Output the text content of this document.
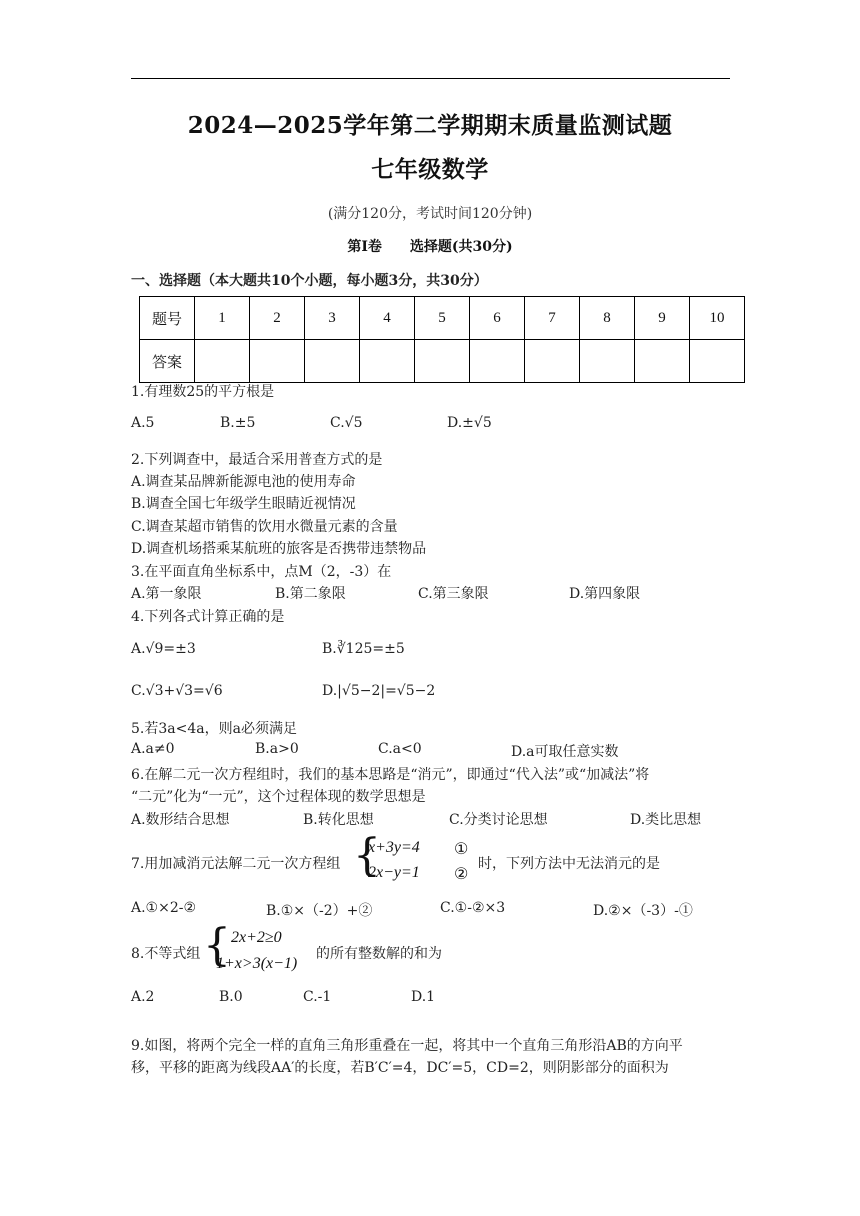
2024—2025学年第二学期期末质量监测试题
七年级数学
(满分120分，考试时间120分钟)
第Ⅰ卷　　选择题(共30分)
一、选择题（本大题共10个小题，每小题3分，共30分）
题号	1	2	3	4	5	6	7	8	9	10
答案										
1.有理数25的平方根是
A.5	B.±5	C.√5	D.±√5
2.下列调查中，最适合采用普查方式的是
A.调查某品牌新能源电池的使用寿命
B.调查全国七年级学生眼睛近视情况
C.调查某超市销售的饮用水微量元素的含量
D.调查机场搭乘某航班的旅客是否携带违禁物品
3.在平面直角坐标系中，点M（2，-3）在
A.第一象限	B.第二象限	C.第三象限	D.第四象限
4.下列各式计算正确的是
A.√9=±3	B.∛125=±5
C.√3+√3=√6	D.|√5−2|=√5−2
5.若3a<4a，则a必须满足
A.a≠0	B.a>0	C.a<0	D.a可取任意实数
6.在解二元一次方程组时，我们的基本思路是“消元”，即通过“代入法”或“加减法”将
“二元”化为“一元”，这个过程体现的数学思想是
A.数形结合思想	B.转化思想	C.分类讨论思想	D.类比思想
7.用加减消元法解二元一次方程组 {
x+3y=4
2x−y=1
①
②
时，下列方法中无法消元的是
A.①×2-②	B.①×（-2）+②	C.①-②×3	D.②×（-3）-①
8.不等式组 { 2x+2≥0
1+x>3(x−1)
的所有整数解的和为
A.2	B.0	C.-1	D.1
9.如图，将两个完全一样的直角三角形重叠在一起，将其中一个直角三角形沿AB的方向平
移，平移的距离为线段AA′的长度，若B′C′=4，DC′=5，CD=2，则阴影部分的面积为
